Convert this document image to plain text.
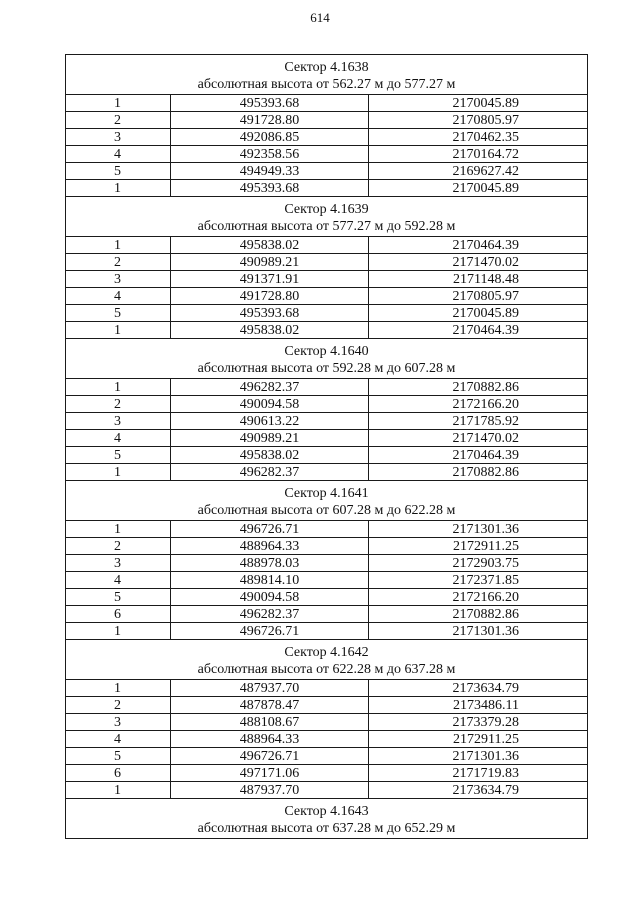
614
Сектор 4.1638
абсолютная высота от 562.27 м до 577.27 м		

1	495393.68	2170045.89
2	491728.80	2170805.97
3	492086.85	2170462.35
4	492358.56	2170164.72
5	494949.33	2169627.42
1	495393.68	2170045.89

Сектор 4.1639
абсолютная высота от 577.27 м до 592.28 м		

1	495838.02	2170464.39
2	490989.21	2171470.02
3	491371.91	2171148.48
4	491728.80	2170805.97
5	495393.68	2170045.89
1	495838.02	2170464.39

Сектор 4.1640
абсолютная высота от 592.28 м до 607.28 м		

1	496282.37	2170882.86
2	490094.58	2172166.20
3	490613.22	2171785.92
4	490989.21	2171470.02
5	495838.02	2170464.39
1	496282.37	2170882.86

Сектор 4.1641
абсолютная высота от 607.28 м до 622.28 м		

1	496726.71	2171301.36
2	488964.33	2172911.25
3	488978.03	2172903.75
4	489814.10	2172371.85
5	490094.58	2172166.20
6	496282.37	2170882.86
1	496726.71	2171301.36

Сектор 4.1642
абсолютная высота от 622.28 м до 637.28 м		

1	487937.70	2173634.79
2	487878.47	2173486.11
3	488108.67	2173379.28
4	488964.33	2172911.25
5	496726.71	2171301.36
6	497171.06	2171719.83
1	487937.70	2173634.79

Сектор 4.1643
абсолютная высота от 637.28 м до 652.29 м		
